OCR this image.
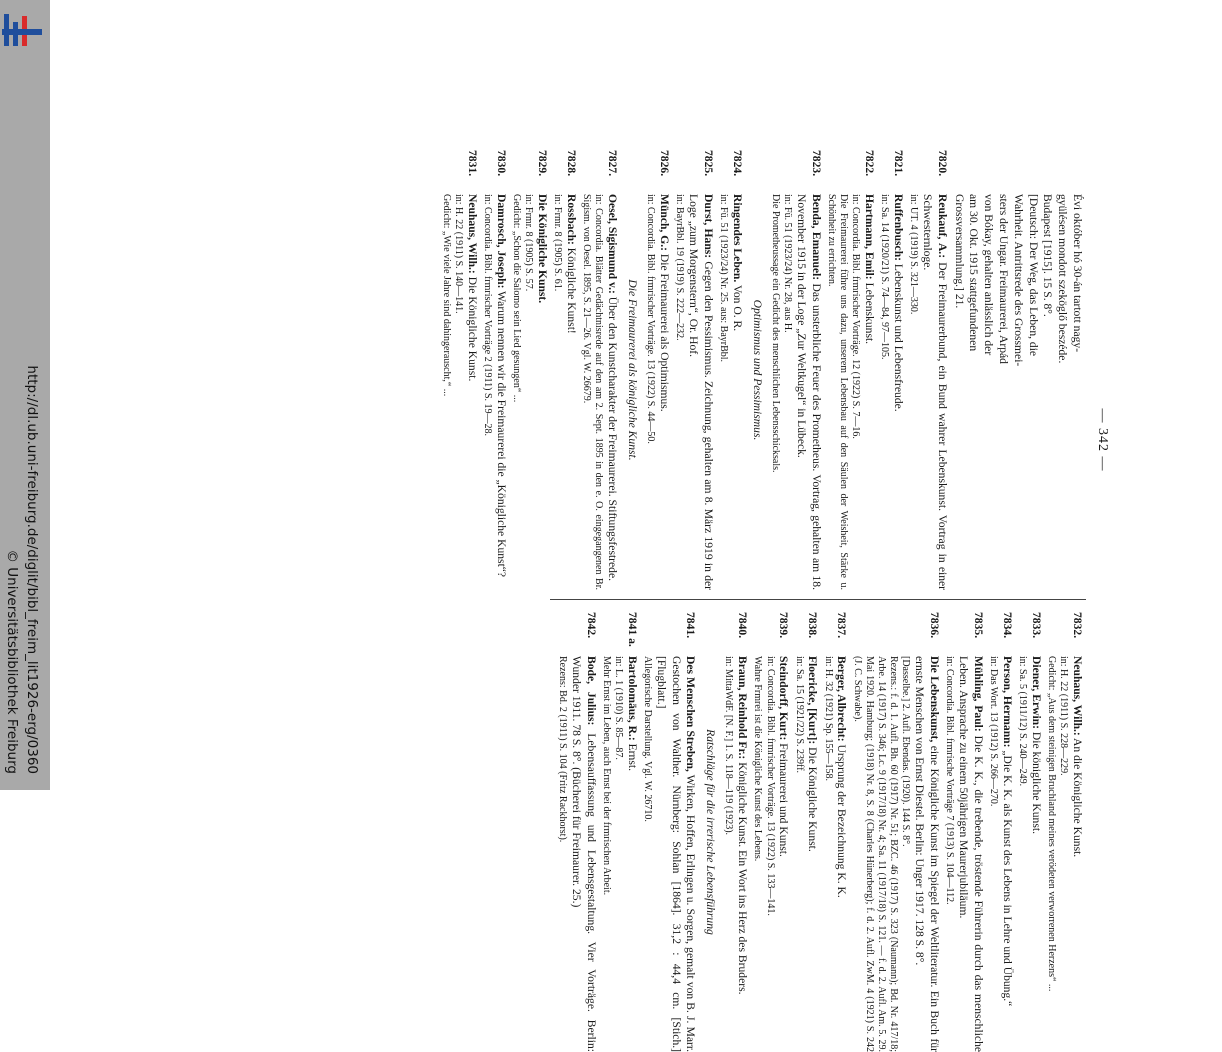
http://dl.ub.uni-freiburg.de/diglit/bibl_freim_lit1926-erg/0360
© Universitätsbibliothek Freiburg
— 342 —
Évi október hó 30-án tartott nagy-
gyülésen mondott szeköglő beszéde.
Budapest [1915]. 15 S. 8°.
[Deutsch: Der Weg, das Leben, die
Wahrheit. Antrittsrede des Grossmei-
sters der Ungar. Freimaurerei, Arpád
von Bókay, gehalten anlässlich der
am 30. Okt. 1915 stattgefundenen
Grossversammlung.] 21.
7820.
Reukauf, A.: Der Freimaurerbund, ein Bund wahrer Lebenskunst. Vortrag in einer Schwesternloge.
in: UT. 4 (1919) S. 321—330.
7821.
Ruffenbusch: Lebenskunst und Lebensfreude.
in: Sa. 14 (1920/21) S. 74—84, 97—105.
7822.
Hartmann, Emil: Lebenskunst.
in: Concordia. Bibl. frmrischer Vorträge. 12 (1922) S. 7—16.
Die Freimaurerei führe uns dazu, unserem Lebensbau auf den Säulen der Weisheit, Stärke u. Schönheit zu errichten.
7823.
Benda, Emanuel: Das unsterbliche Feuer des Prometheus. Vortrag, gehalten am 18. November 1915 in der Loge „Zur Weltkugel“ in Lübeck.
in: Fü. 51 (1923/24) Nr. 28, aus H.
Die Prometheussage ein Gedicht des menschlichen Lebensschicksals.
Optimismus und Pessimismus.
7824.
Ringendes Leben. Von O. R.
in: Fü. 51 (1923/24) Nr. 25. aus: BayrBbl.
7825.
Durst, Hans: Gegen den Pessimismus. Zeichnung, gehalten am 8. März 1919 in der Loge „zum Morgenstern“, Or. Hof.
in: BayrBbl. 19 (1919) S. 222—232.
7826.
Münch, G.: Die Freimaurerei als Optimismus.
in: Concordia. Bibl. frmrischer Vorträge. 13 (1922) S. 44—50.
Die Freimaurerei als königliche Kunst.
7827.
Oesel, Sigismund v.: Über den Kunstcharakter der Freimaurerei. Stiftungsfestrede.
in: Concordia. Blätter Gedächtnisrede auf den am 2. Sept. 1895 in den e. O. eingegangenen Br. Sigism. von Oesel. 1895, S. 21—26. Vgl. W. 26679.
7828.
Rossbach: Königliche Kunst!
in: Frmr. 8 (1905) S. 61.
7829.
Die Königliche Kunst.
in: Frmr. 8 (1905) S. 57.
Gedicht: „Schon die Salomo sein Lied gesungen“ ...
7830.
Damrosch, Joseph: Warum nennen wir die Freimaurerei die „Königliche Kunst“?
in: Concordia. Bibl. frmrischer Vorträge 2 (1911) S. 19—28.
7831.
Neuhaus, Wilh.: Die Königliche Kunst.
in: H. 22 (1911) S. 140—141.
Gedicht: „Wie viele Jahre sind dahingerauscht,“ ...
7832.
Neuhaus, Wilh.: An die Königliche Kunst.
in: H. 22 (1911) S. 228—229.
Gedicht: „Aus dem steinigen Bruchland meines verödeten verworrenen Herzens“ ...
7833.
Diener, Erwin: Die königliche Kunst.
in: Sa. 5 (1911/12) S. 240—249.
7834.
Person, Hermann: „Die K. K. als Kunst des Lebens in Lehre und Übung.“
in: Das Wort. 13 (1912) S. 266—270.
7835.
Mühling, Paul: Die K. K., die trebende, tröstende Führerin durch das menschliche Leben. Ansprache zu einem 50jährigen Maurerjubiläum.
in: Concordia. Bibl. frmrische Vorträge 7 (1913) S. 104—112.
7836.
Die Lebenskunst, eine Königliche Kunst im Spiegel der Weltliteratur. Ein Buch für ernste Menschen von Ernst Diestel. Berlin: Unger 1917. 128 S. 8°.
[Dasselbe.] 2. Aufl. Ebendas. (1920). 144 S. 8°.
Rezens.: f. d. 1. Aufl. Bh. 60 (1917) Nr. 51; BZC. 46 (1917) S. 323 (Naumann); Bd. Nr. 417/18; Arbe. 14 (1917) S. 346; Lc. 9 (1917/18) Nr. 4; Sa. 11 (1917/18) S. 121. — f. d. 2. Aufl. Am. 5. 29. Mai 1920. Hamburg; (1918) Nr. 8, S. 8 (Charles Hünerberg); f. d. 2. Aufl. ZwM. 4 (1921) S. 242 (J. C. Schwabe).
7837.
Berger, Albrecht: Ursprung der Bezeichnung K. K.
in: H. 32 (1921) Sp. 155—158.
7838.
Floericke, [Kurt]: Die Königliche Kunst.
in: Sa. 15 (1921/22) S. 239ff.
7839.
Steindorff, Kurt: Freimaurerei und Kunst.
in: Concordia. Bibl. frmrischer Vorträge. 13 (1922) S. 133—141.
Wahre Frmrei ist die Königliche Kunst des Lebens.
7840.
Braun, Reinhold Fr.: Königliche Kunst. Ein Wort ins Herz des Bruders.
in: MittaWdF. [N. F.] 1. S. 118—119 (1923).
Ratschläge für die irrerische Lebensführung
7841.
Des Menschen Streben, Wirken, Hoffen, Erlingen u. Sorgen, gemalt von B. J. Marr. Gestochen von Walther. Nürnberg: Sohlan [1864]. 31,2 : 44,4 cm. [Stich.] [Flugblatt.]
Allegorische Darstellung. Vgl. W. 26710.
7841 a.
Bartolomäus, R.: Ernst.
in: L. 1 (1910) S. 85—87.
Mehr Ernst im Leben, auch Ernst bei der frmrischen Arbeit.
7842.
Bode, Julius: Lebensauffassung und Lebensgestaltung. Vier Vorträge. Berlin: Wunder 1911. 78 S. 8°. (Bücherei für Freimaurer. 25.)
Rezens: Bd. 2 (1911) S. 104 (Fritz Rackhorst).
